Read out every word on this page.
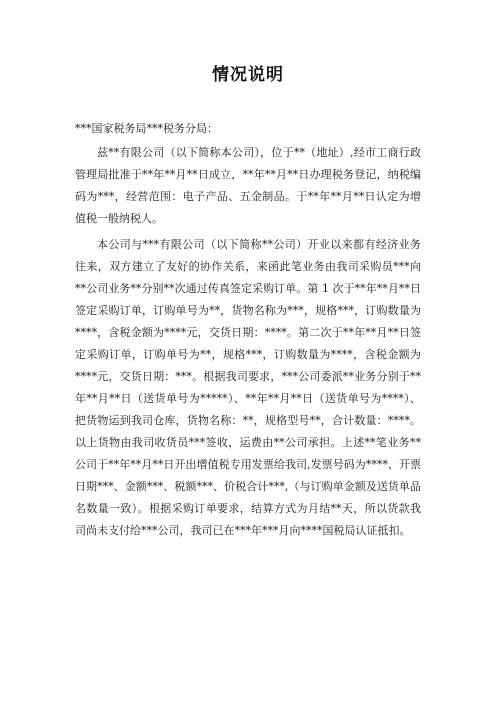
情况说明

***国家税务局***税务分局：

兹**有限公司（以下简称本公司），位于**（地址）,经市工商行政管理局批准于**年**月**日成立，**年**月**日办理税务登记，纳税编码为***，经营范围：电子产品、五金制品。于**年**月**日认定为增值税一般纳税人。

本公司与***有限公司（以下简称**公司）开业以来都有经济业务往来，双方建立了友好的协作关系，来函此笔业务由我司采购员***向**公司业务**分别**次通过传真签定采购订单。第 1 次于**年**月**日签定采购订单，订购单号为**，货物名称为***，规格***，订购数量为****，含税金额为****元，交货日期：****。第二次于**年**月**日签定采购订单，订购单号为**，规格***，订购数量为****，含税金额为****元，交货日期：***。根据我司要求，***公司委派**业务分别于**年**月**日（送货单号为*****）、**年**月**日（送货单号为****）、把货物运到我司仓库，货物名称：**，规格型号**，合计数量：****。以上货物由我司收货员***签收，运费由**公司承担。上述**笔业务**公司于**年**月**日开出增值税专用发票给我司,发票号码为****、开票日期***、金额***、税额***、价税合计***,（与订购单金额及送货单品名数量一致）。根据采购订单要求，结算方式为月结**天，所以货款我司尚未支付给***公司，我司已在***年***月向****国税局认证抵扣。
